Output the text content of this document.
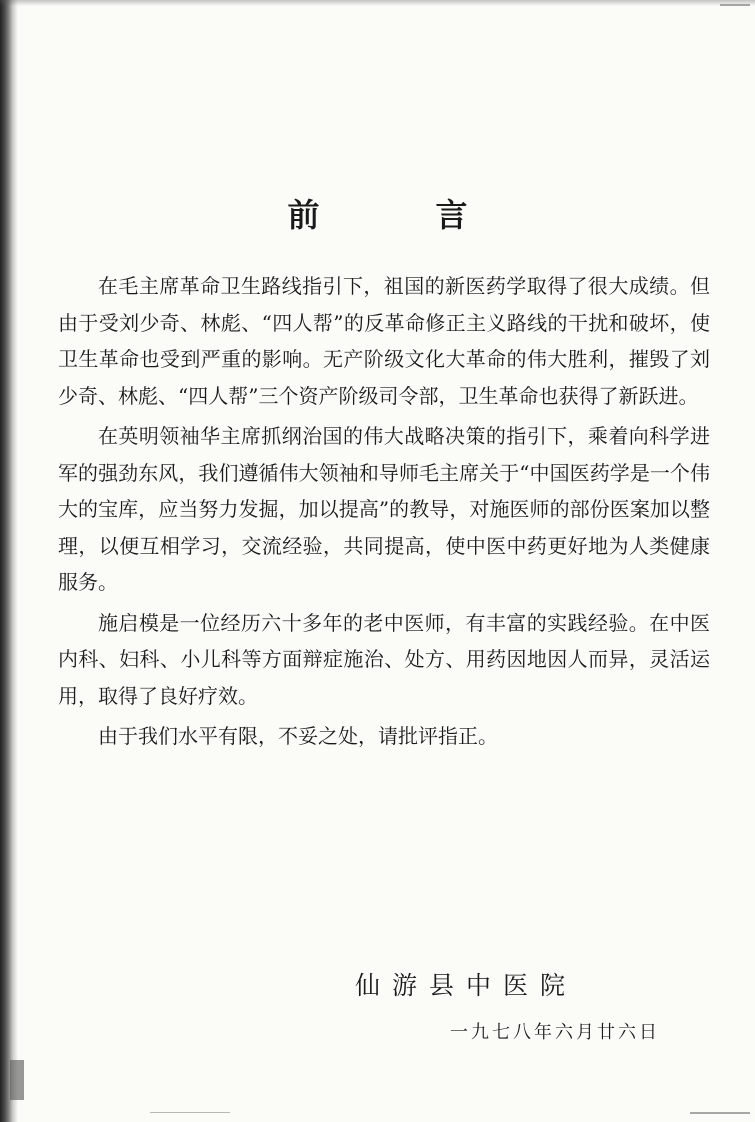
前　言

在毛主席革命卫生路线指引下，祖国的新医药学取得了很大成绩。但由于受刘少奇、林彪、“四人帮”的反革命修正主义路线的干扰和破坏，使卫生革命也受到严重的影响。无产阶级文化大革命的伟大胜利，摧毁了刘少奇、林彪、“四人帮”三个资产阶级司令部，卫生革命也获得了新跃进。

在英明领袖华主席抓纲治国的伟大战略决策的指引下，乘着向科学进军的强劲东风，我们遵循伟大领袖和导师毛主席关于“中国医药学是一个伟大的宝库，应当努力发掘，加以提高”的教导，对施医师的部份医案加以整理，以便互相学习，交流经验，共同提高，使中医中药更好地为人类健康服务。

施启模是一位经历六十多年的老中医师，有丰富的实践经验。在中医内科、妇科、小儿科等方面辩症施治、处方、用药因地因人而异，灵活运用，取得了良好疗效。

由于我们水平有限，不妥之处，请批评指正。

仙游县中医院
一九七八年六月廿六日
